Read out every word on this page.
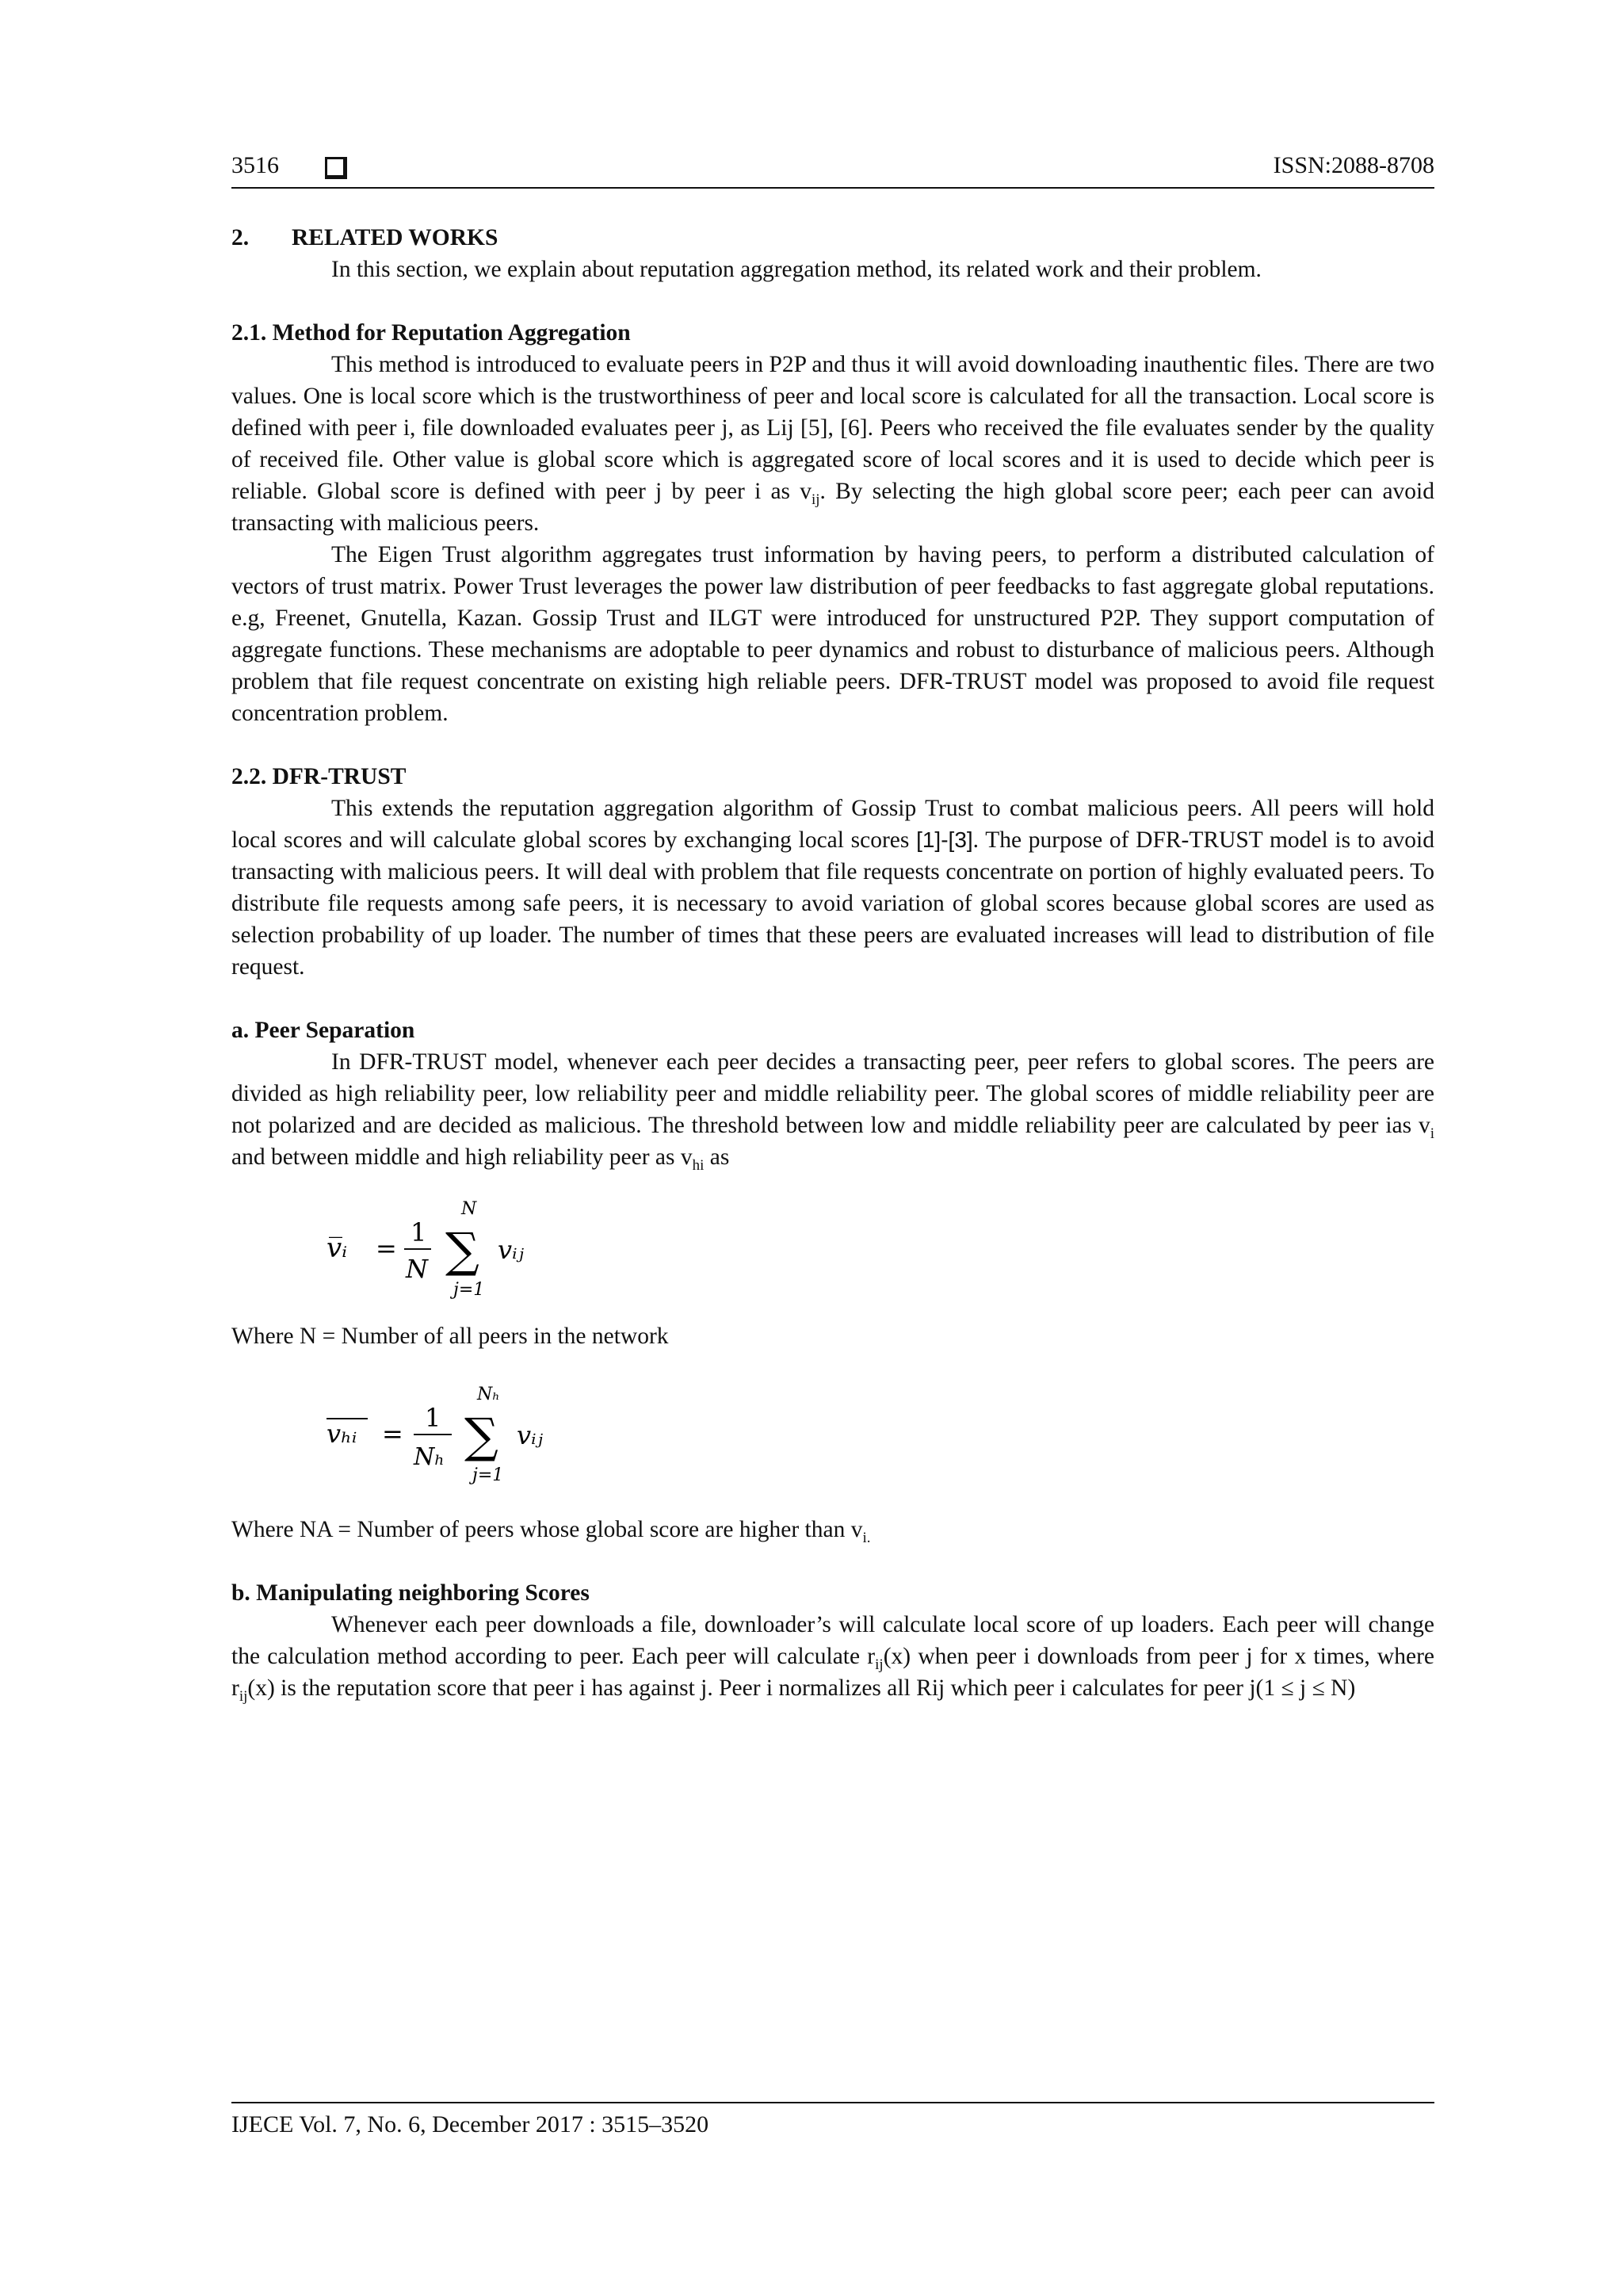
3516	ISSN:2088-8708

2. RELATED WORKS

In this section, we explain about reputation aggregation method, its related work and their problem.

2.1. Method for Reputation Aggregation

This method is introduced to evaluate peers in P2P and thus it will avoid downloading inauthentic files. There are two values. One is local score which is the trustworthiness of peer and local score is calculated for all the transaction. Local score is defined with peer i, file downloaded evaluates peer j, as Lij [5], [6]. Peers who received the file evaluates sender by the quality of received file. Other value is global score which is aggregated score of local scores and it is used to decide which peer is reliable. Global score is defined with peer j by peer i as $v_{ij}$. By selecting the high global score peer; each peer can avoid transacting with malicious peers.

The Eigen Trust algorithm aggregates trust information by having peers, to perform a distributed calculation of vectors of trust matrix. Power Trust leverages the power law distribution of peer feedbacks to fast aggregate global reputations. e.g, Freenet, Gnutella, Kazan. Gossip Trust and ILGT were introduced for unstructured P2P. They support computation of aggregate functions. These mechanisms are adoptable to peer dynamics and robust to disturbance of malicious peers. Although problem that file request concentrate on existing high reliable peers. DFR-TRUST model was proposed to avoid file request concentration problem.

2.2. DFR-TRUST

This extends the reputation aggregation algorithm of Gossip Trust to combat malicious peers. All peers will hold local scores and will calculate global scores by exchanging local scores [1]-[3]. The purpose of DFR-TRUST model is to avoid transacting with malicious peers. It will deal with problem that file requests concentrate on portion of highly evaluated peers. To distribute file requests among safe peers, it is necessary to avoid variation of global scores because global scores are used as selection probability of up loader. The number of times that these peers are evaluated increases will lead to distribution of file request.

a. Peer Separation

In DFR-TRUST model, whenever each peer decides a transacting peer, peer refers to global scores. The peers are divided as high reliability peer, low reliability peer and middle reliability peer. The global scores of middle reliability peer are not polarized and are decided as malicious. The threshold between low and middle reliability peer are calculated by peer ias $v_i$ and between middle and high reliability peer as $v_{hi}$ as

v̅ᵢ =
1
N ∑
N
j=1
vᵢⱼ

Where N = Number of all peers in the network

vₕᵢ =
1
Nₕ ∑
Nₕ
j=1
vᵢⱼ

Where NA = Number of peers whose global score are higher than $v_{i.}$

b. Manipulating neighboring Scores

Whenever each peer downloads a file, downloader’s will calculate local score of up loaders. Each peer will change the calculation method according to peer. Each peer will calculate $r_{ij}(x)$ when peer i downloads from peer j for x times, where $r_{ij}(x)$ is the reputation score that peer i has against j. Peer i normalizes all Rij which peer i calculates for peer j(1 ≤ j ≤ N)

IJECE Vol. 7, No. 6, December 2017 : 3515–3520
